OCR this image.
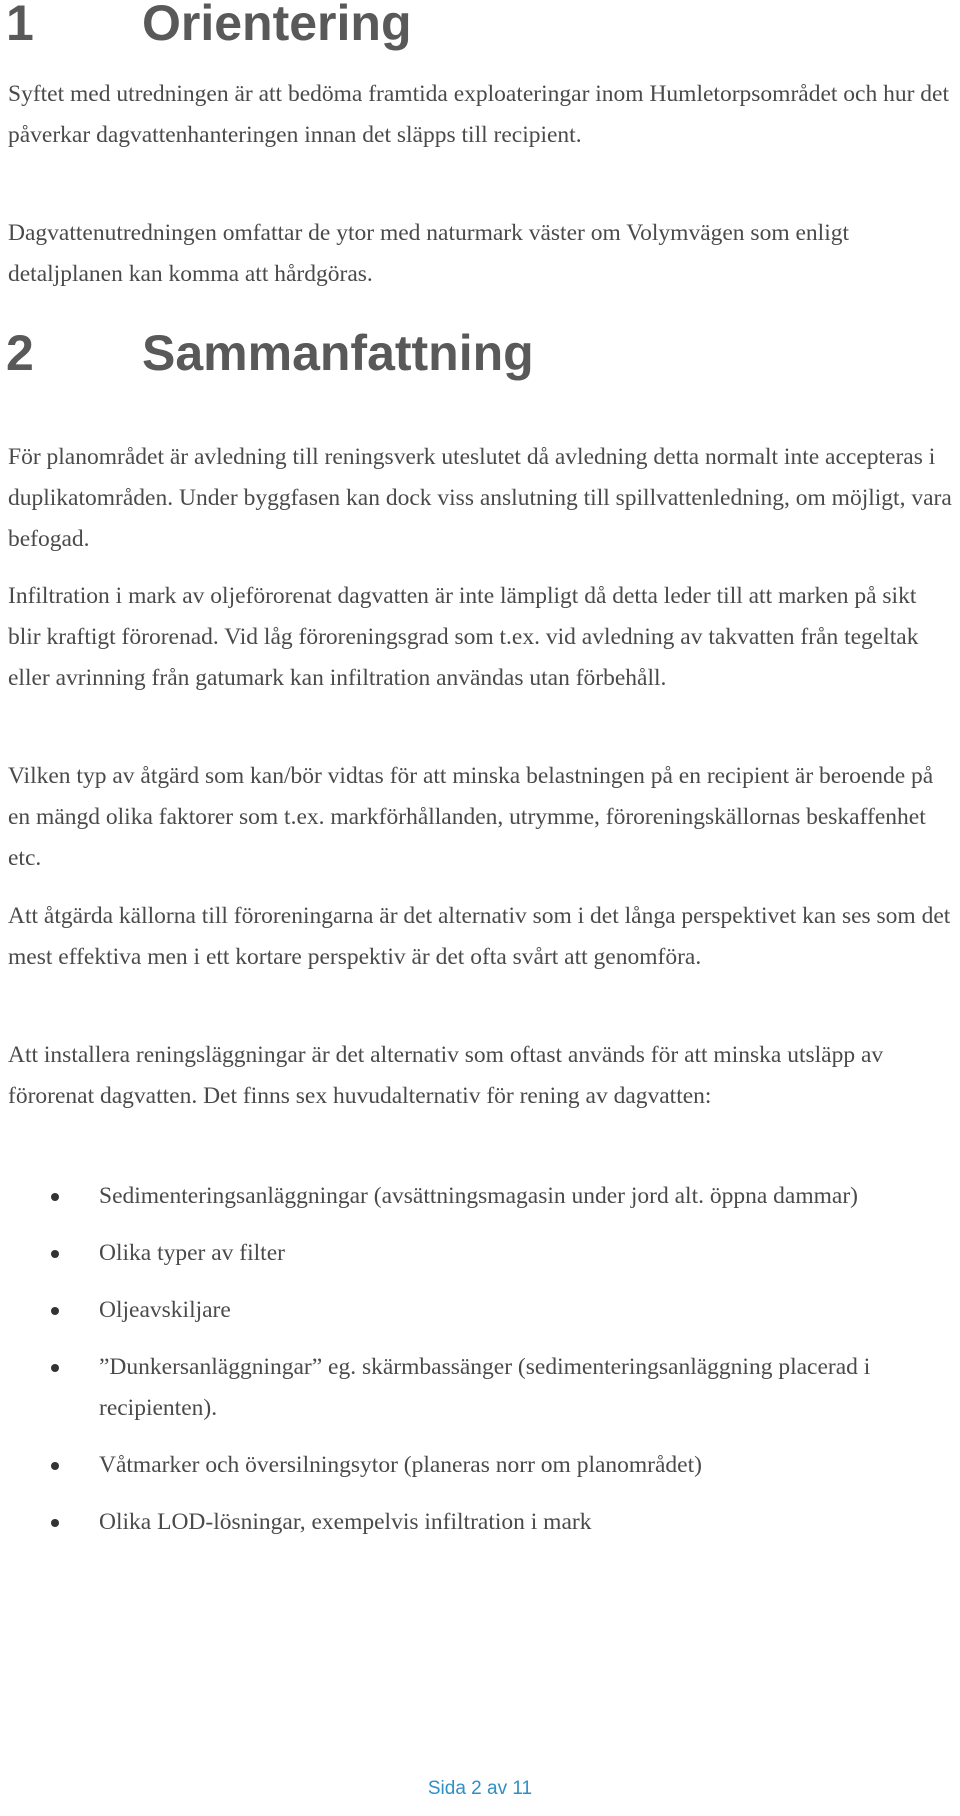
1 Orientering

Syftet med utredningen är att bedöma framtida exploateringar inom Humletorpsområdet och hur det påverkar dagvattenhanteringen innan det släpps till recipient.

Dagvattenutredningen omfattar de ytor med naturmark väster om Volymvägen som enligt detaljplanen kan komma att hårdgöras.

2 Sammanfattning

För planområdet är avledning till reningsverk uteslutet då avledning detta normalt inte accepteras i duplikatområden. Under byggfasen kan dock viss anslutning till spillvattenledning, om möjligt, vara befogad.

Infiltration i mark av oljeförorenat dagvatten är inte lämpligt då detta leder till att marken på sikt blir kraftigt förorenad. Vid låg föroreningsgrad som t.ex. vid avledning av takvatten från tegeltak eller avrinning från gatumark kan infiltration användas utan förbehåll.

Vilken typ av åtgärd som kan/bör vidtas för att minska belastningen på en recipient är beroende på en mängd olika faktorer som t.ex. markförhållanden, utrymme, föroreningskällornas beskaffenhet etc.

Att åtgärda källorna till föroreningarna är det alternativ som i det långa perspektivet kan ses som det mest effektiva men i ett kortare perspektiv är det ofta svårt att genomföra.

Att installera reningsläggningar är det alternativ som oftast används för att minska utsläpp av förorenat dagvatten. Det finns sex huvudalternativ för rening av dagvatten:

Sedimenteringsanläggningar (avsättningsmagasin under jord alt. öppna dammar)
Olika typer av filter
Oljeavskiljare
”Dunkersanläggningar” eg. skärmbassänger (sedimenteringsanläggning placerad i recipienten).
Våtmarker och översilningsytor (planeras norr om planområdet)
Olika LOD-lösningar, exempelvis infiltration i mark
Sida 2 av 11
